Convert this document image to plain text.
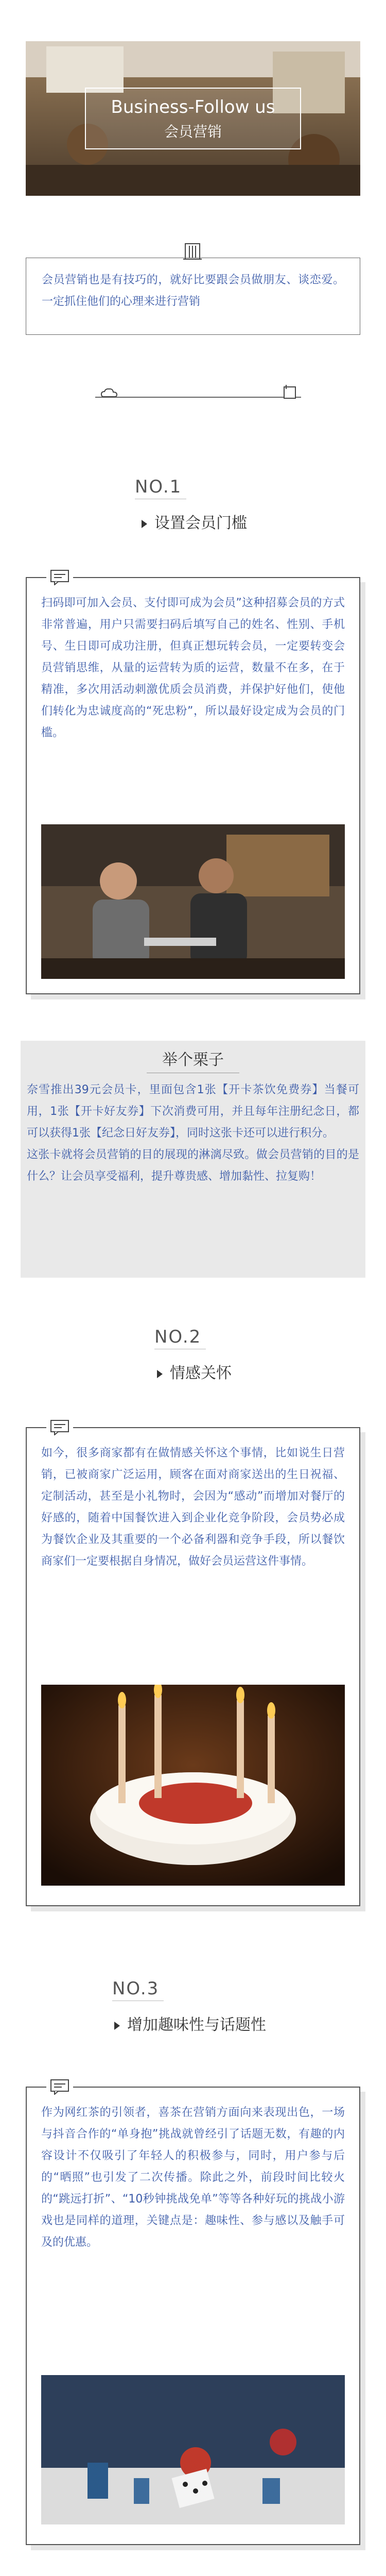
Business-Follow us
会员营销
会员营销也是有技巧的，就好比要跟会员做朋友、谈恋爱。一定抓住他们的心理来进行营销
NO.1
设置会员门槛
扫码即可加入会员、支付即可成为会员”这种招募会员的方式非常普遍，用户只需要扫码后填写自己的姓名、性别、手机号、生日即可成功注册，但真正想玩转会员，一定要转变会员营销思维，从量的运营转为质的运营，数量不在多，在于精准，多次用活动刺激优质会员消费，并保护好他们，使他们转化为忠诚度高的“死忠粉”，所以最好设定成为会员的门槛。
举个栗子
奈雪推出39元会员卡，里面包含1张【开卡茶饮免费券】当餐可用，1张【开卡好友券】下次消费可用，并且每年注册纪念日，都可以获得1张【纪念日好友券】，同时这张卡还可以进行积分。
这张卡就将会员营销的目的展现的淋漓尽致。做会员营销的目的是什么？让会员享受福利，提升尊贵感、增加黏性、拉复购！
NO.2
情感关怀
如今，很多商家都有在做情感关怀这个事情，比如说生日营销，已被商家广泛运用，顾客在面对商家送出的生日祝福、定制活动，甚至是小礼物时，会因为“感动”而增加对餐厅的好感的，随着中国餐饮进入到企业化竞争阶段，会员势必成为餐饮企业及其重要的一个必备利器和竞争手段，所以餐饮商家们一定要根据自身情况，做好会员运营这件事情。
NO.3
增加趣味性与话题性
作为网红茶的引领者，喜茶在营销方面向来表现出色，一场与抖音合作的“单身抱”挑战就曾经引了话题无数，有趣的内容设计不仅吸引了年轻人的积极参与，同时，用户参与后的“晒照”也引发了二次传播。除此之外，前段时间比较火的“跳远打折”、“10秒钟挑战免单”等等各种好玩的挑战小游戏也是同样的道理，关键点是：趣味性、参与感以及触手可及的优惠。
